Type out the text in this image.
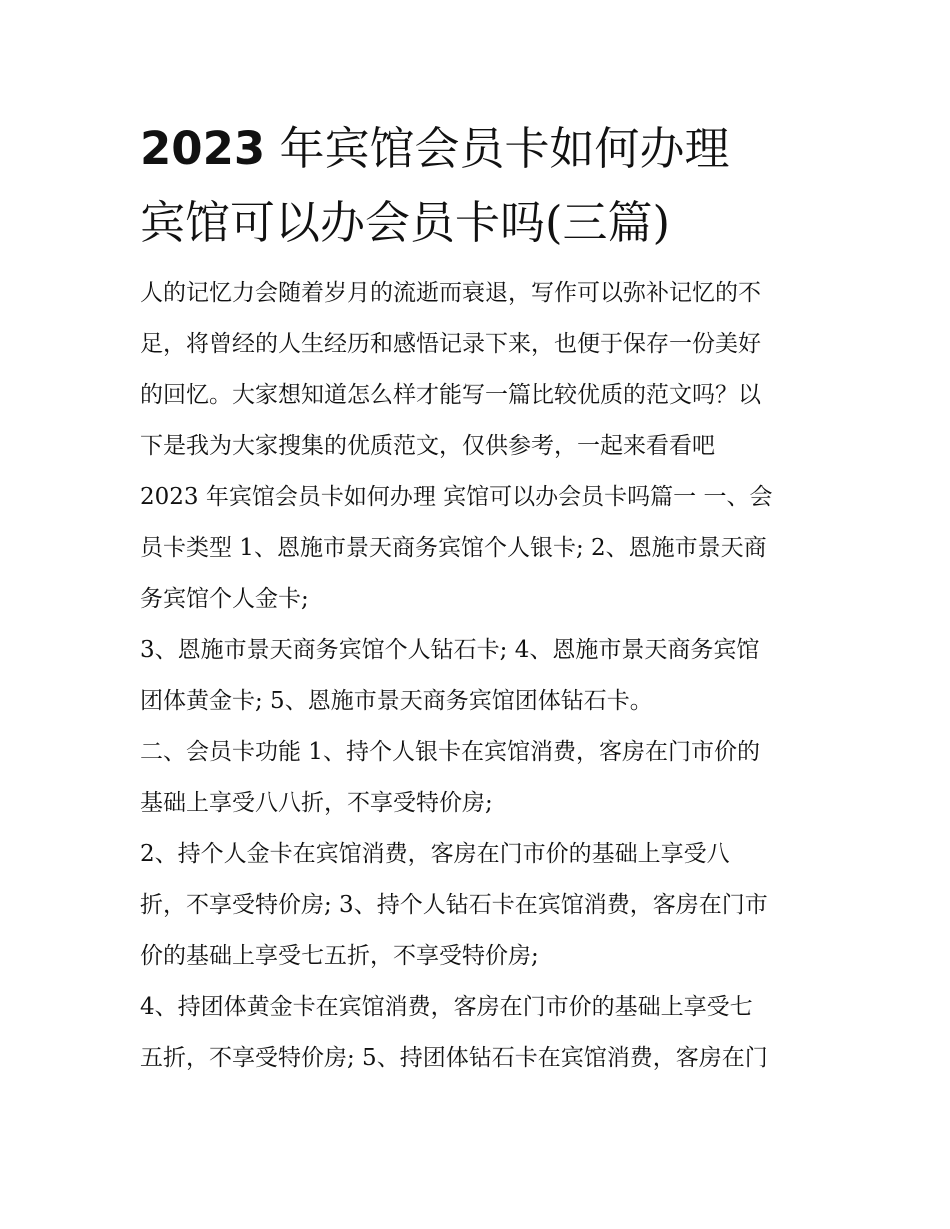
2023 年宾馆会员卡如何办理
宾馆可以办会员卡吗(三篇)

人的记忆力会随着岁月的流逝而衰退，写作可以弥补记忆的不
足，将曾经的人生经历和感悟记录下来，也便于保存一份美好
的回忆。大家想知道怎么样才能写一篇比较优质的范文吗？以
下是我为大家搜集的优质范文，仅供参考，一起来看看吧

2023 年宾馆会员卡如何办理 宾馆可以办会员卡吗篇一 一、会
员卡类型 1、恩施市景天商务宾馆个人银卡; 2、恩施市景天商
务宾馆个人金卡;

3、恩施市景天商务宾馆个人钻石卡; 4、恩施市景天商务宾馆
团体黄金卡; 5、恩施市景天商务宾馆团体钻石卡。

二、会员卡功能 1、持个人银卡在宾馆消费，客房在门市价的
基础上享受八八折，不享受特价房;

2、持个人金卡在宾馆消费，客房在门市价的基础上享受八
折，不享受特价房; 3、持个人钻石卡在宾馆消费，客房在门市
价的基础上享受七五折，不享受特价房;

4、持团体黄金卡在宾馆消费，客房在门市价的基础上享受七
五折，不享受特价房; 5、持团体钻石卡在宾馆消费，客房在门
